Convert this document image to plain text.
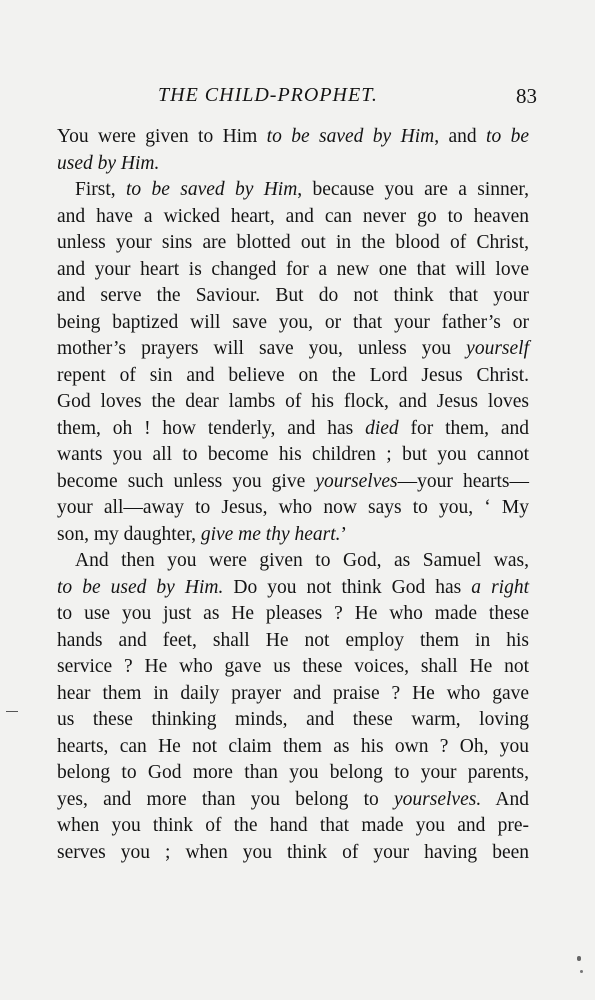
THE CHILD-PROPHET.	83
You were given to Him to be saved by Him, and to be
used by Him.
First, to be saved by Him, because you are a sinner,
and have a wicked heart, and can never go to heaven
unless your sins are blotted out in the blood of Christ,
and your heart is changed for a new one that will love
and serve the Saviour. But do not think that your
being baptized will save you, or that your father’s or
mother’s prayers will save you, unless you yourself
repent of sin and believe on the Lord Jesus Christ.
God loves the dear lambs of his flock, and Jesus loves
them, oh ! how tenderly, and has died for them, and
wants you all to become his children ; but you cannot
become such unless you give yourselves—your hearts—
your all—away to Jesus, who now says to you, ‘ My
son, my daughter, give me thy heart.’
And then you were given to God, as Samuel was,
to be used by Him. Do you not think God has a right
to use you just as He pleases ? He who made these
hands and feet, shall He not employ them in his
service ? He who gave us these voices, shall He not
hear them in daily prayer and praise ? He who gave
us these thinking minds, and these warm, loving
hearts, can He not claim them as his own ? Oh, you
belong to God more than you belong to your parents,
yes, and more than you belong to yourselves. And
when you think of the hand that made you and pre-
serves you ; when you think of your having been
